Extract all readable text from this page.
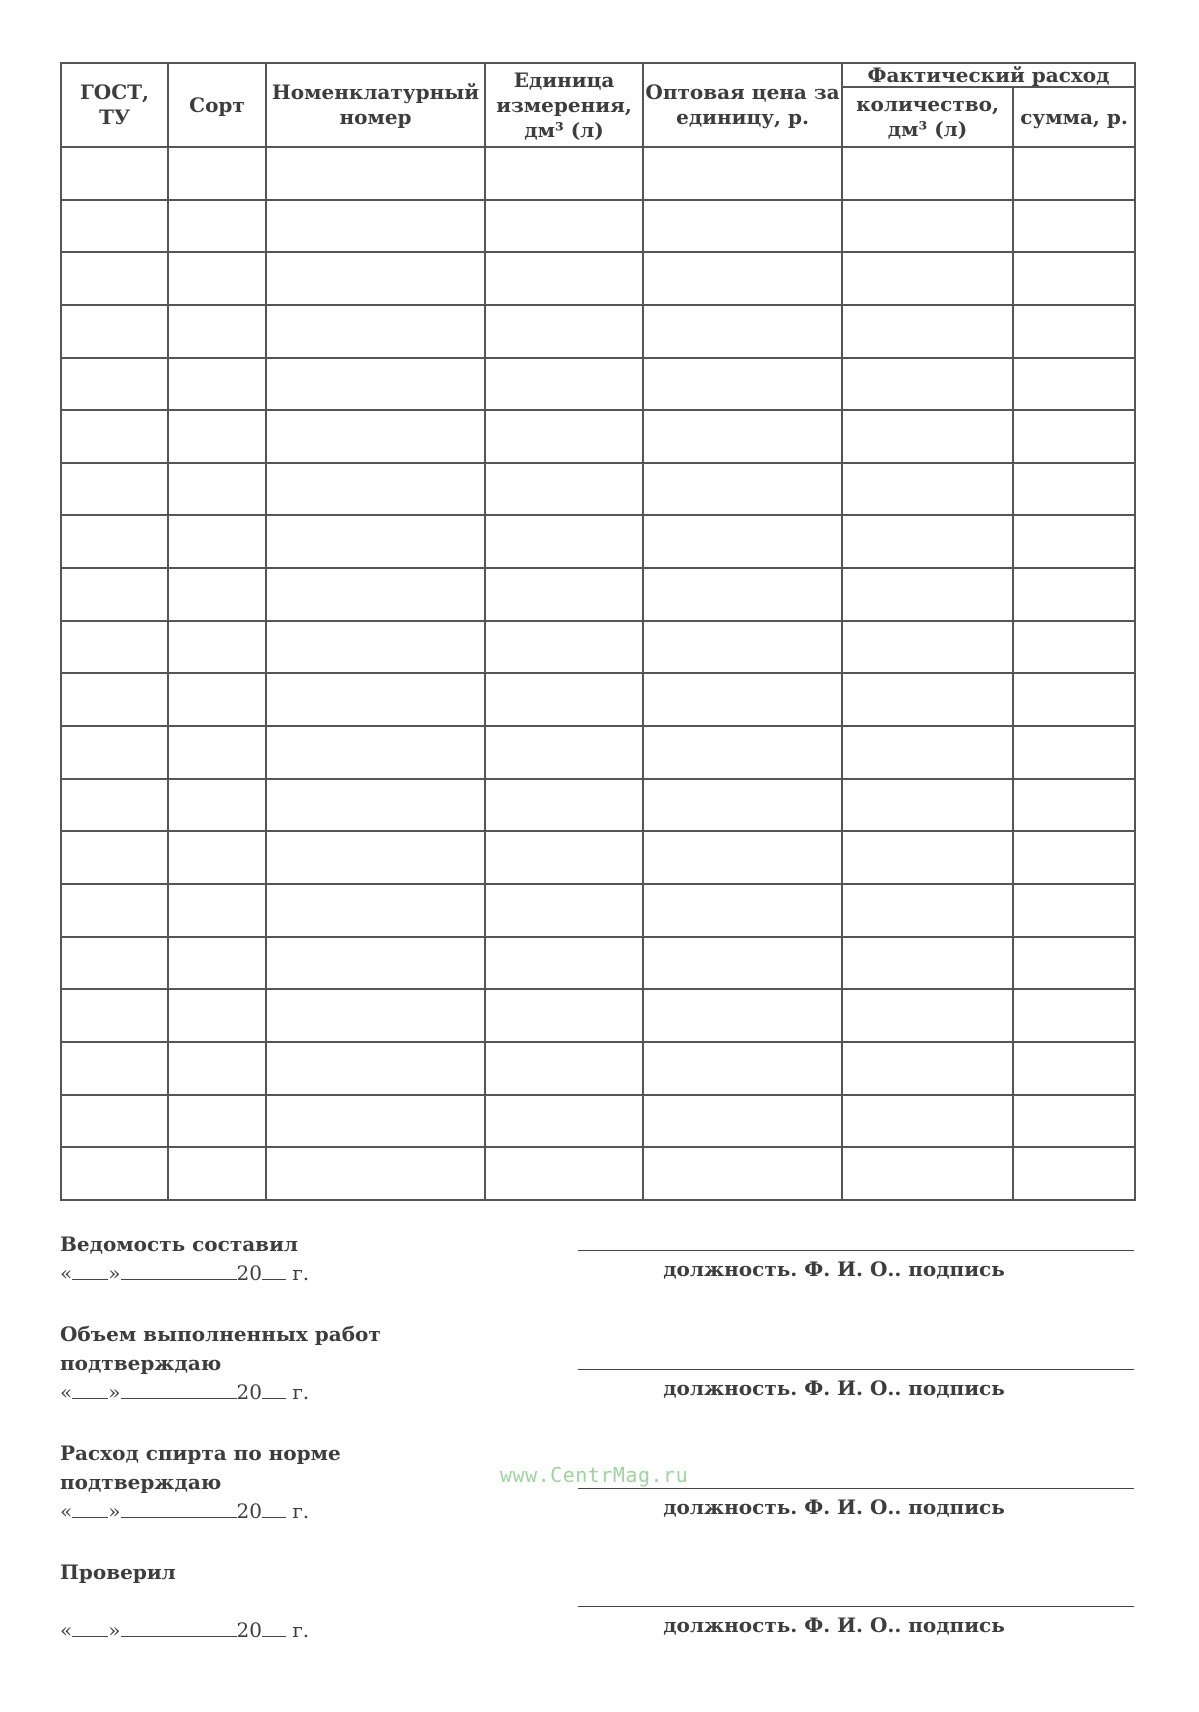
ГОСТ, ТУ	Сорт	Номенклатурный номер	Единица измерения, дм³ (л)	Оптовая цена за единицу, р.	Фактический расход	
					количество, дм³ (л)	сумма, р.

Ведомость составил
« »	20 г.	должность. Ф. И. О.. подпись
Объем выполненных работ подтверждаю
« »	20 г.	должность. Ф. И. О.. подпись
Расход спирта по норме подтверждаю
« »	20 г.	должность. Ф. И. О.. подпись
Проверил
« »	20 г.	должность. Ф. И. О.. подпись
www.CentrMag.ru
